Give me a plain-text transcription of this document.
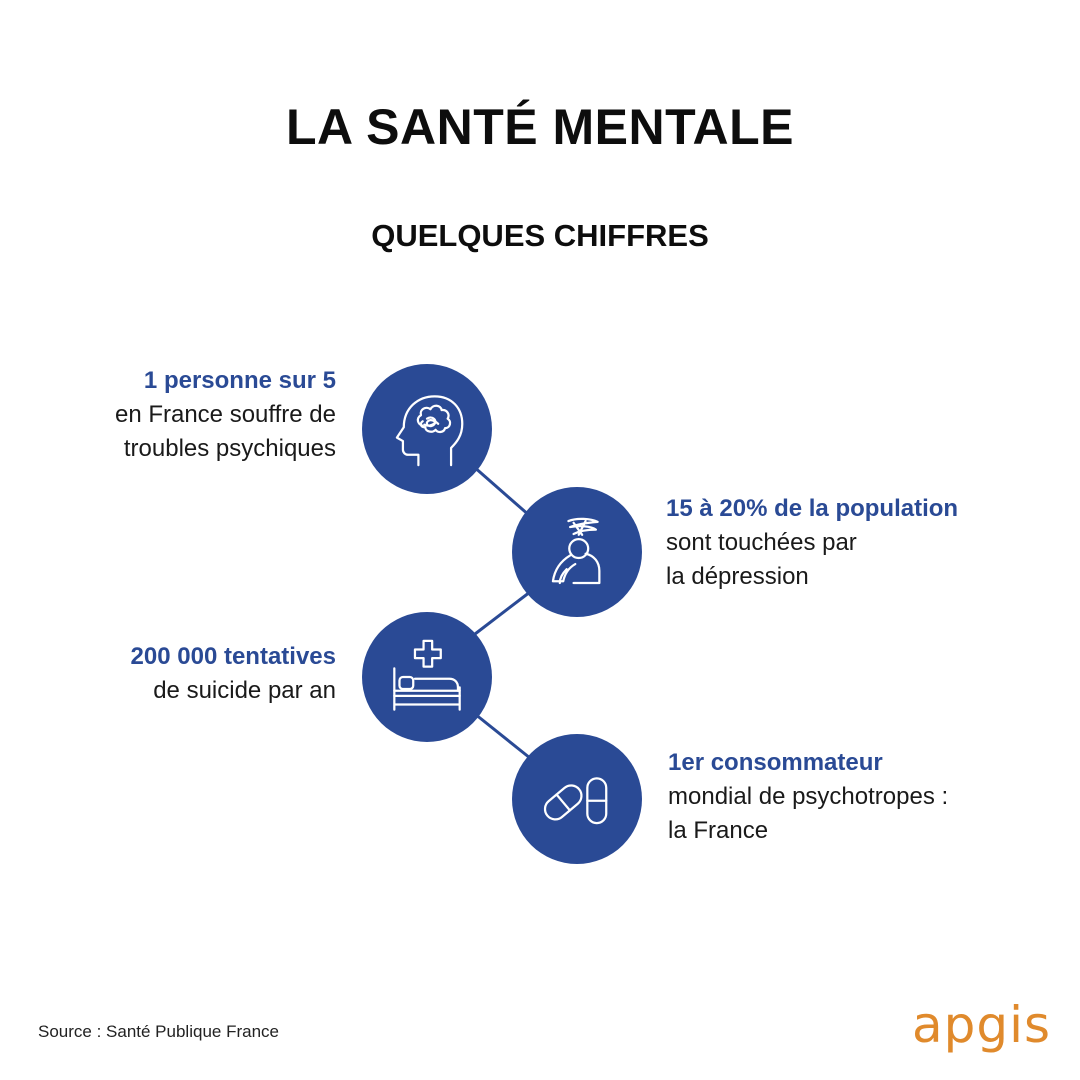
LA SANTÉ MENTALE
QUELQUES CHIFFRES
1 personne sur 5
en France souffre de
troubles psychiques
15 à 20% de la population
sont touchées par
la dépression
200 000 tentatives
de suicide par an
1er consommateur
mondial de psychotropes :
la France
Source : Santé Publique France	apgis
